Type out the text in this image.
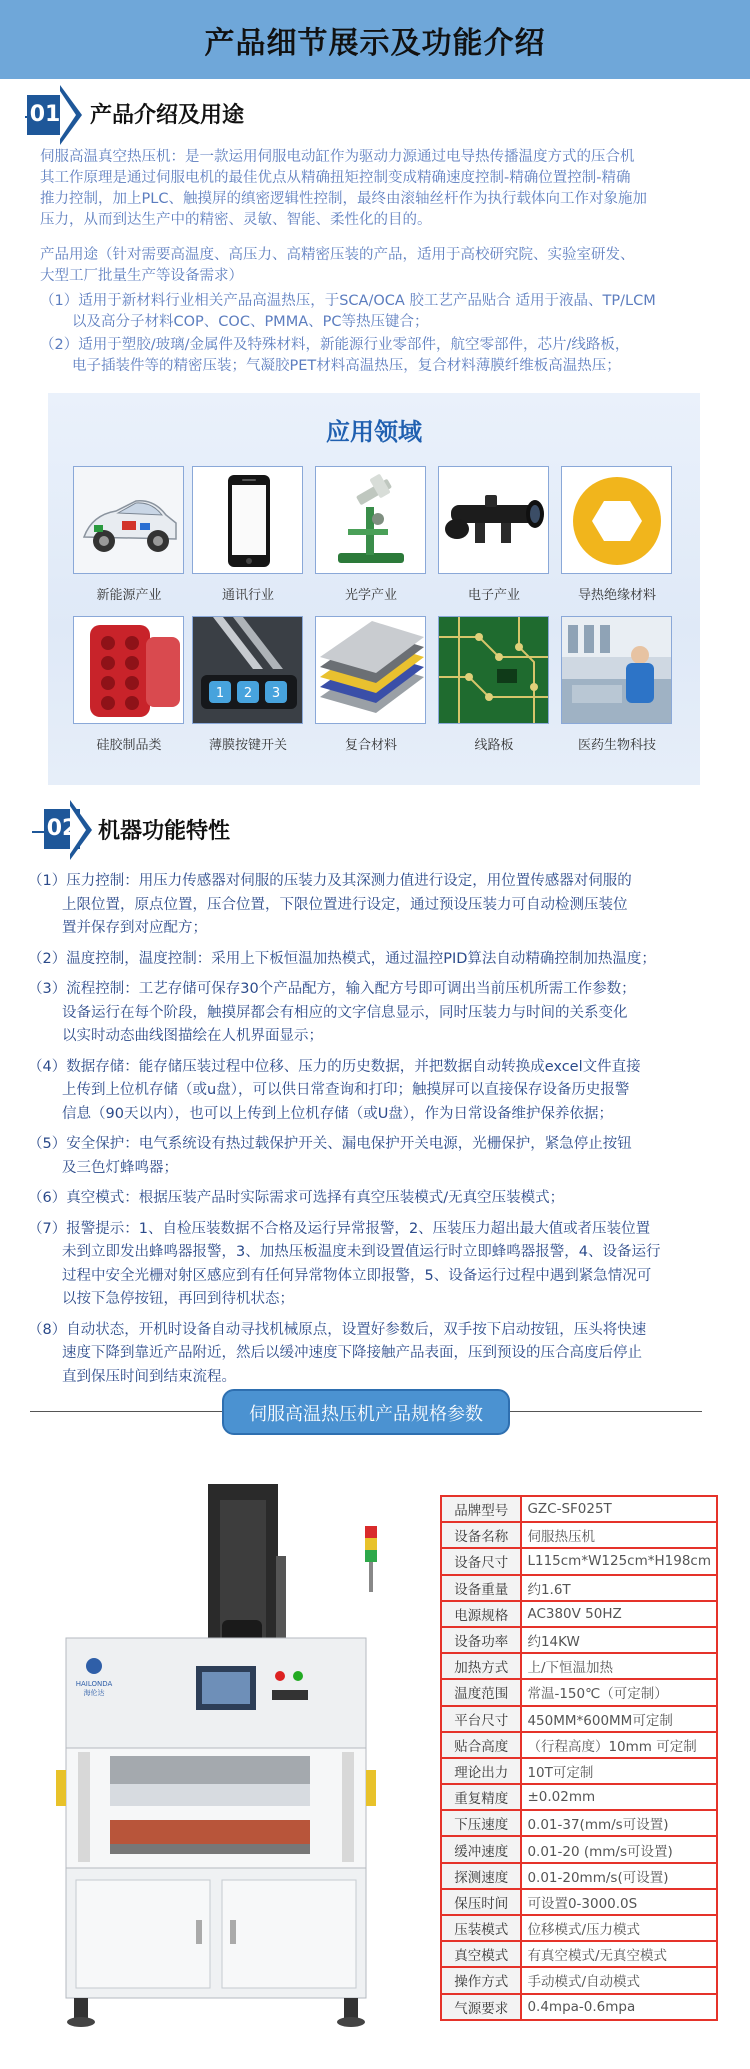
产品细节展示及功能介绍
01 产品介绍及用途
伺服高温真空热压机：是一款运用伺服电动缸作为驱动力源通过电导热传播温度方式的压合机
其工作原理是通过伺服电机的最佳优点从精确扭矩控制变成精确速度控制-精确位置控制-精确
推力控制，加上PLC、触摸屏的缜密逻辑性控制，最终由滚轴丝杆作为执行载体向工作对象施加
压力，从而到达生产中的精密、灵敏、智能、柔性化的目的。
产品用途（针对需要高温度、高压力、高精密压装的产品，适用于高校研究院、实验室研发、
大型工厂批量生产等设备需求）
（1）适用于新材料行业相关产品高温热压，于SCA/OCA 胶工艺产品贴合 适用于液晶、TP/LCM
以及高分子材料COP、COC、PMMA、PC等热压键合；
（2）适用于塑胶/玻璃/金属件及特殊材料，新能源行业零部件，航空零部件，芯片/线路板，
电子插装件等的精密压装；气凝胶PET材料高温热压，复合材料薄膜纤维板高温热压；
应用领域
新能源产业	通讯行业	光学产业	电子产业	导热绝缘材料
1 2 3
硅胶制品类	薄膜按键开关	复合材料	线路板	医药生物科技
02 机器功能特性
（1）压力控制：用压力传感器对伺服的压装力及其深测力值进行设定，用位置传感器对伺服的
上限位置，原点位置，压合位置，下限位置进行设定，通过预设压装力可自动检测压装位
置并保存到对应配方；
（2）温度控制，温度控制：采用上下板恒温加热模式，通过温控PID算法自动精确控制加热温度；
（3）流程控制：工艺存储可保存30个产品配方，输入配方号即可调出当前压机所需工作参数；
设备运行在每个阶段，触摸屏都会有相应的文字信息显示，同时压装力与时间的关系变化
以实时动态曲线图描绘在人机界面显示；
（4）数据存储：能存储压装过程中位移、压力的历史数据，并把数据自动转换成excel文件直接
上传到上位机存储（或u盘），可以供日常查询和打印；触摸屏可以直接保存设备历史报警
信息（90天以内），也可以上传到上位机存储（或U盘），作为日常设备维护保养依据；
（5）安全保护：电气系统设有热过载保护开关、漏电保护开关电源，光栅保护，紧急停止按钮
及三色灯蜂鸣器；
（6）真空模式：根据压装产品时实际需求可选择有真空压装模式/无真空压装模式；
（7）报警提示：1、自检压装数据不合格及运行异常报警，2、压装压力超出最大值或者压装位置
未到立即发出蜂鸣器报警，3、加热压板温度未到设置值运行时立即蜂鸣器报警，4、设备运行
过程中安全光栅对射区感应到有任何异常物体立即报警，5、设备运行过程中遇到紧急情况可
以按下急停按钮，再回到待机状态；
（8）自动状态，开机时设备自动寻找机械原点，设置好参数后，双手按下启动按钮，压头将快速
速度下降到靠近产品附近，然后以缓冲速度下降接触产品表面，压到预设的压合高度后停止
直到保压时间到结束流程。
伺服高温热压机产品规格参数
HAILONDA
海伦达
品牌型号	GZC-SF025T
设备名称	伺服热压机
设备尺寸	L115cm*W125cm*H198cm
设备重量	约1.6T
电源规格	AC380V 50HZ
设备功率	约14KW
加热方式	上/下恒温加热
温度范围	常温-150℃（可定制）
平台尺寸	450MM*600MM可定制
贴合高度	（行程高度）10mm 可定制
理论出力	10T可定制
重复精度	±0.02mm
下压速度	0.01-37(mm/s可设置)
缓冲速度	0.01-20 (mm/s可设置)
探测速度	0.01-20mm/s(可设置)
保压时间	可设置0-3000.0S
压装模式	位移模式/压力模式
真空模式	有真空模式/无真空模式
操作方式	手动模式/自动模式
气源要求	0.4mpa-0.6mpa
